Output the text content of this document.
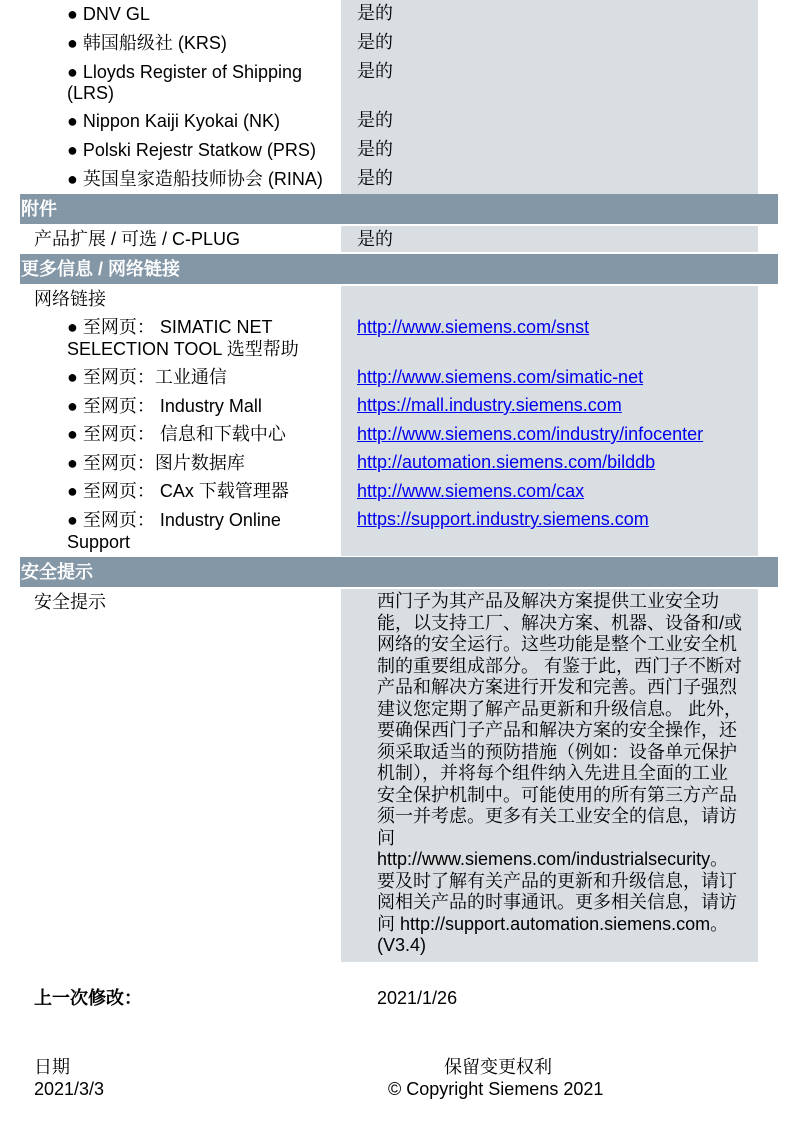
是的
是的
是的
是的
是的
是的
● DNV GL
● 韩国船级社 (KRS)
● Lloyds Register of Shipping
(LRS)
● Nippon Kaiji Kyokai (NK)
● Polski Rejestr Statkow (PRS)
● 英国皇家造船技师协会 (RINA)
附件
是的
产品扩展 / 可选 / C-PLUG
更多信息 / 网络链接
http://www.siemens.com/snst
http://www.siemens.com/simatic-net
https://mall.industry.siemens.com
http://www.siemens.com/industry/infocenter
http://automation.siemens.com/bilddb
http://www.siemens.com/cax
https://support.industry.siemens.com
网络链接
● 至网页： SIMATIC NET
SELECTION TOOL 选型帮助
● 至网页：工业通信
● 至网页： Industry Mall
● 至网页： 信息和下载中心
● 至网页：图片数据库
● 至网页： CAx 下载管理器
● 至网页： Industry Online
Support
安全提示
安全提示	西门子为其产品及解决方案提供工业安全功
能，以支持工厂、解决方案、机器、设备和/或
网络的安全运行。这些功能是整个工业安全机
制的重要组成部分。 有鉴于此，西门子不断对
产品和解决方案进行开发和完善。西门子强烈
建议您定期了解产品更新和升级信息。 此外，
要确保西门子产品和解决方案的安全操作，还
须采取适当的预防措施（例如：设备单元保护
机制），并将每个组件纳入先进且全面的工业
安全保护机制中。可能使用的所有第三方产品
须一并考虑。更多有关工业安全的信息，请访
问
http://www.siemens.com/industrialsecurity。
要及时了解有关产品的更新和升级信息，请订
阅相关产品的时事通讯。更多相关信息，请访
问 http://support.automation.siemens.com。
(V3.4)
上一次修改：	2021/1/26
日期
2021/3/3
保留变更权利
© Copyright Siemens 2021
